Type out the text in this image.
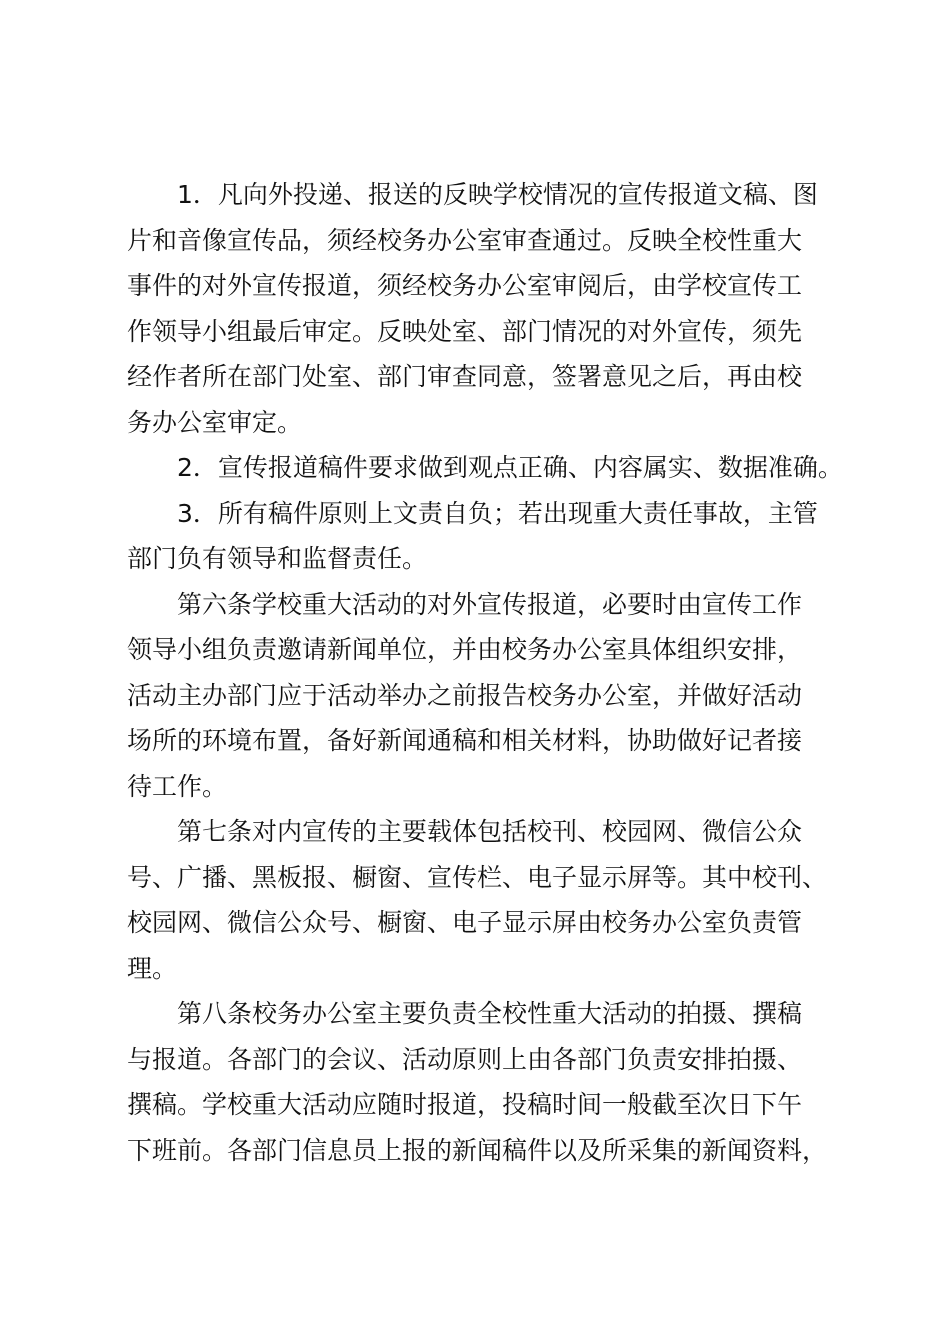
1．凡向外投递、报送的反映学校情况的宣传报道文稿、图
片和音像宣传品，须经校务办公室审查通过。反映全校性重大
事件的对外宣传报道，须经校务办公室审阅后，由学校宣传工
作领导小组最后审定。反映处室、部门情况的对外宣传，须先
经作者所在部门处室、部门审查同意，签署意见之后，再由校
务办公室审定。

2．宣传报道稿件要求做到观点正确、内容属实、数据准确。

3．所有稿件原则上文责自负；若出现重大责任事故，主管
部门负有领导和监督责任。

第六条学校重大活动的对外宣传报道，必要时由宣传工作
领导小组负责邀请新闻单位，并由校务办公室具体组织安排，
活动主办部门应于活动举办之前报告校务办公室，并做好活动
场所的环境布置，备好新闻通稿和相关材料，协助做好记者接
待工作。

第七条对内宣传的主要载体包括校刊、校园网、微信公众
号、广播、黑板报、橱窗、宣传栏、电子显示屏等。其中校刊、
校园网、微信公众号、橱窗、电子显示屏由校务办公室负责管
理。

第八条校务办公室主要负责全校性重大活动的拍摄、撰稿
与报道。各部门的会议、活动原则上由各部门负责安排拍摄、
撰稿。学校重大活动应随时报道，投稿时间一般截至次日下午
下班前。各部门信息员上报的新闻稿件以及所采集的新闻资料，
